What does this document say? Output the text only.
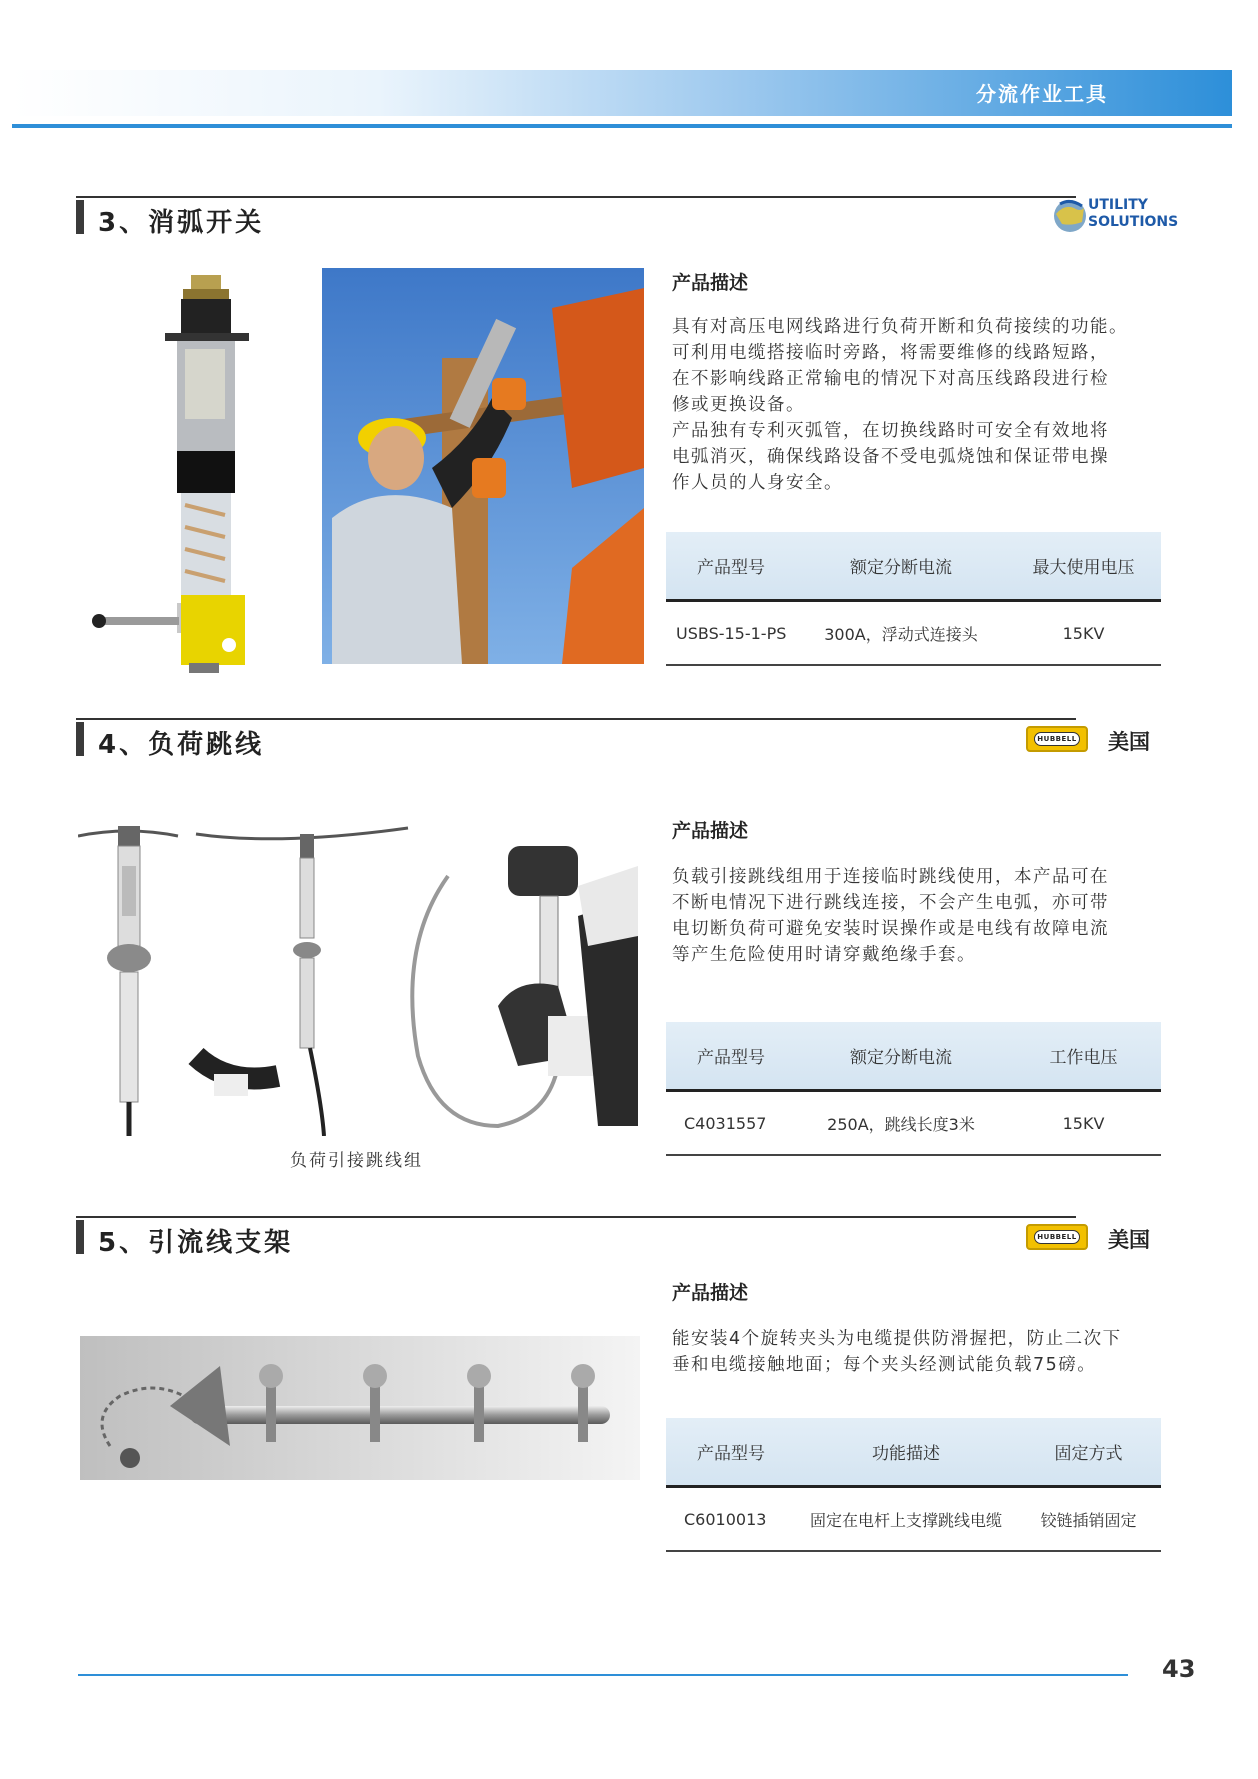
分流作业工具
3、消弧开关
UTILITY
SOLUTIONS
产品描述
具有对高压电网线路进行负荷开断和负荷接续的功能。
可利用电缆搭接临时旁路，将需要维修的线路短路，
在不影响线路正常输电的情况下对高压线路段进行检
修或更换设备。
产品独有专利灭弧管，在切换线路时可安全有效地将
电弧消灭，确保线路设备不受电弧烧蚀和保证带电操
作人员的人身安全。
产品型号	额定分断电流	最大使用电压
USBS-15-1-PS	300A，浮动式连接头	15KV
4、负荷跳线	HUBBELL 美国
负荷引接跳线组
产品描述
负载引接跳线组用于连接临时跳线使用，本产品可在
不断电情况下进行跳线连接，不会产生电弧，亦可带
电切断负荷可避免安装时误操作或是电线有故障电流
等产生危险使用时请穿戴绝缘手套。
产品型号	额定分断电流	工作电压
C4031557	250A，跳线长度3米	15KV
5、引流线支架	HUBBELL 美国
产品描述
能安装4个旋转夹头为电缆提供防滑握把，防止二次下
垂和电缆接触地面；每个夹头经测试能负载75磅。
产品型号	功能描述	固定方式
C6010013	固定在电杆上支撑跳线电缆	铰链插销固定
43
